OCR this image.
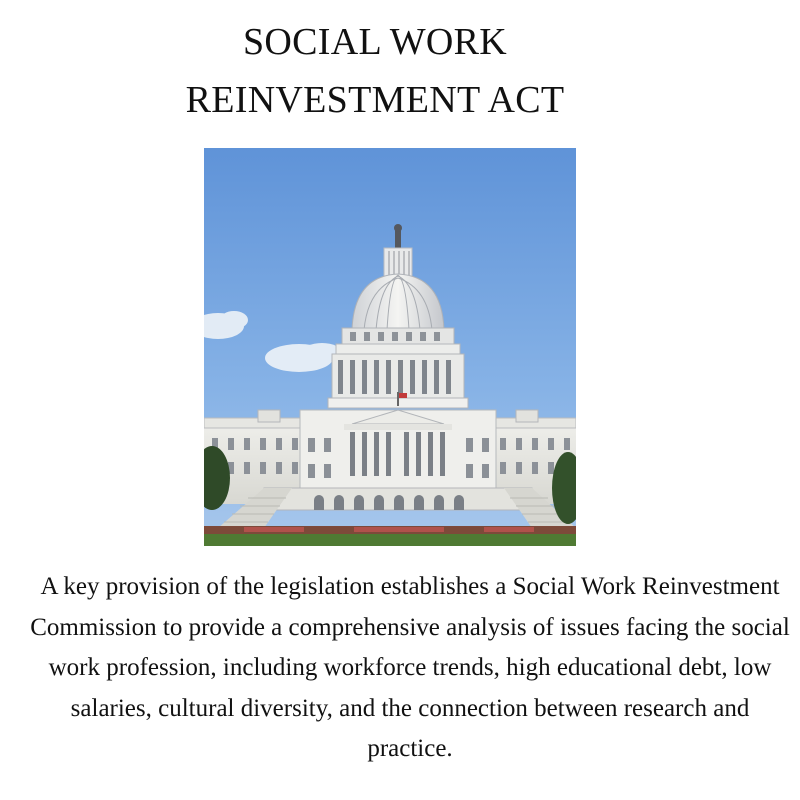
SOCIAL WORK
REINVESTMENT ACT

A key provision of the legislation establishes a Social Work Reinvestment Commission to provide a comprehensive analysis of issues facing the social work profession, including workforce trends, high educational debt, low salaries, cultural diversity, and the connection between research and practice.
